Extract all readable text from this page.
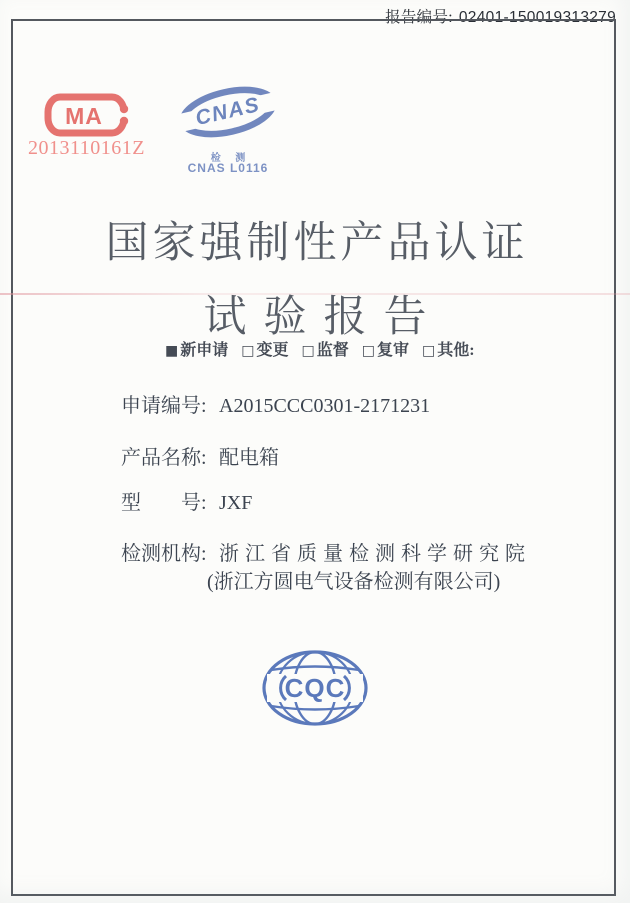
报告编号: 02401-150019313279
MA
2013110161Z
CNAS
检 测
CNAS L0116
国家强制性产品认证
试验报告
■ 新申请 □ 变更 □ 监督 □ 复审 □ 其他:
申请编号: A2015CCC0301-2171231
产品名称: 配电箱
型　　号: JXF
检测机构: 浙江省质量检测科学研究院
(浙江方圆电气设备检测有限公司)
CQC
